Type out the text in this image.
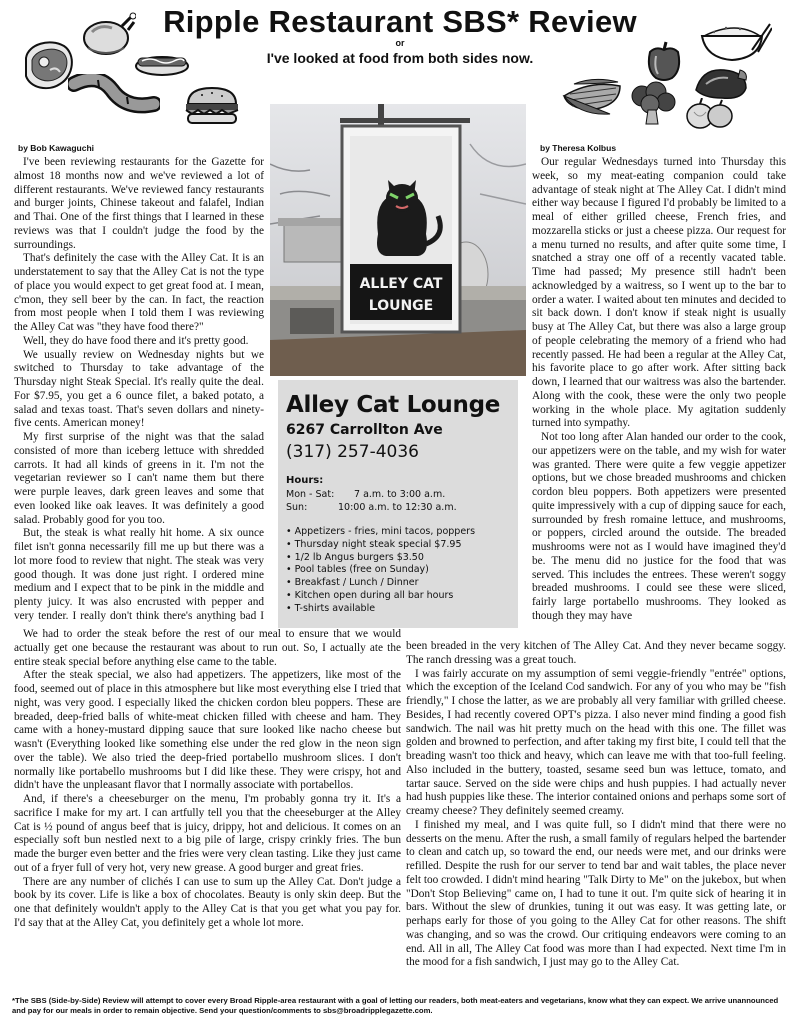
Ripple Restaurant SBS* Review
or
I've looked at food from both sides now.
by Bob Kawaguchi	by Theresa Kolbus

I've been reviewing restaurants for the Gazette for almost 18 months now and we've reviewed a lot of different restaurants. We've reviewed fancy restaurants and burger joints, Chinese takeout and falafel, Indian and Thai. One of the first things that I learned in these reviews was that I couldn't judge the food by the surroundings.

That's definitely the case with the Alley Cat. It is an understatement to say that the Alley Cat is not the type of place you would expect to get great food at. I mean, c'mon, they sell beer by the can. In fact, the reaction from most people when I told them I was reviewing the Alley Cat was "they have food there?"

Well, they do have food there and it's pretty good.

We usually review on Wednesday nights but we switched to Thursday to take advantage of the Thursday night Steak Special. It's really quite the deal. For $7.95, you get a 6 ounce filet, a baked potato, a salad and texas toast. That's seven dollars and ninety-five cents. American money!

My first surprise of the night was that the salad consisted of more than iceberg lettuce with shredded carrots. It had all kinds of greens in it. I'm not the vegetarian reviewer so I can't name them but there were purple leaves, dark green leaves and some that even looked like oak leaves. It was definitely a good salad. Probably good for you too.

But, the steak is what really hit home. A six ounce filet isn't gonna necessarily fill me up but there was a lot more food to review that night. The steak was very good though. It was done just right. I ordered mine medium and I expect that to be pink in the middle and plenty juicy. It was also encrusted with pepper and very tender. I really don't think there's anything bad I

We had to order the steak before the rest of our meal to ensure that we would actually get one because the restaurant was about to run out. So, I actually ate the entire steak special before anything else came to the table.

After the steak special, we also had appetizers. The appetizers, like most of the food, seemed out of place in this atmosphere but like most everything else I tried that night, was very good. I especially liked the chicken cordon bleu poppers. These are breaded, deep-fried balls of white-meat chicken filled with cheese and ham. They came with a honey-mustard dipping sauce that sure looked like nacho cheese but wasn't (Everything looked like something else under the red glow in the neon sign over the table). We also tried the deep-fried portabello mushroom slices. I don't normally like portabello mushrooms but I did like these. They were crispy, hot and didn't have the unpleasant flavor that I normally associate with portabellos.

And, if there's a cheeseburger on the menu, I'm probably gonna try it. It's a sacrifice I make for my art. I can artfully tell you that the cheeseburger at the Alley Cat is ½ pound of angus beef that is juicy, drippy, hot and delicious. It comes on an especially soft bun nestled next to a big pile of large, crispy crinkly fries. The bun made the burger even better and the fries were very clean tasting. Like they just came out of a fryer full of very hot, very new grease. A good burger and great fries.

There are any number of clichés I can use to sum up the Alley Cat. Don't judge a book by its cover. Life is like a box of chocolates. Beauty is only skin deep. But the one that definitely wouldn't apply to the Alley Cat is that you get what you pay for. I'd say that at the Alley Cat, you definitely get a whole lot more.

Our regular Wednesdays turned into Thursday this week, so my meat-eating companion could take advantage of steak night at The Alley Cat. I didn't mind either way because I figured I'd probably be limited to a meal of either grilled cheese, French fries, and mozzarella sticks or just a cheese pizza. Our request for a menu turned no results, and after quite some time, I snatched a stray one off of a recently vacated table. Time had passed; My presence still hadn't been acknowledged by a waitress, so I went up to the bar to order a water. I waited about ten minutes and decided to sit back down. I don't know if steak night is usually busy at The Alley Cat, but there was also a large group of people celebrating the memory of a friend who had recently passed. He had been a regular at the Alley Cat, his favorite place to go after work. After sitting back down, I learned that our waitress was also the bartender. Along with the cook, these were the only two people working in the whole place. My agitation suddenly turned into sympathy.

Not too long after Alan handed our order to the cook, our appetizers were on the table, and my wish for water was granted. There were quite a few veggie appetizer options, but we chose breaded mushrooms and chicken cordon bleu poppers. Both appetizers were presented quite impressively with a cup of dipping sauce for each, surrounded by fresh romaine lettuce, and mushrooms, or poppers, circled around the outside. The breaded mushrooms were not as I would have imagined they'd be. The menu did no justice for the food that was served. This includes the entrees. These weren't soggy breaded mushrooms. I could see these were sliced, fairly large portabello mushrooms. They looked as though they may have

been breaded in the very kitchen of The Alley Cat. And they never became soggy. The ranch dressing was a great touch.

I was fairly accurate on my assumption of semi veggie-friendly "entrée" options, which the exception of the Iceland Cod sandwich. For any of you who may be "fish friendly," I chose the latter, as we are probably all very familiar with grilled cheese. Besides, I had recently covered OPT's pizza. I also never mind finding a good fish sandwich. The nail was hit pretty much on the head with this one. The fillet was golden and browned to perfection, and after taking my first bite, I could tell that the breading wasn't too thick and heavy, which can leave me with that too-full feeling. Also included in the buttery, toasted, sesame seed bun was lettuce, tomato, and tartar sauce. Served on the side were chips and hush puppies. I had actually never had hush puppies like these. The interior contained onions and perhaps some sort of creamy cheese? They definitely seemed creamy.

I finished my meal, and I was quite full, so I didn't mind that there were no desserts on the menu. After the rush, a small family of regulars helped the bartender to clean and catch up, so toward the end, our needs were met, and our drinks were refilled. Despite the rush for our server to tend bar and wait tables, the place never felt too crowded. I didn't mind hearing "Talk Dirty to Me" on the jukebox, but when "Don't Stop Believing" came on, I had to tune it out. I'm quite sick of hearing it in bars. Without the slew of drunkies, tuning it out was easy. It was getting late, or perhaps early for those of you going to the Alley Cat for other reasons. The shift was changing, and so was the crowd. Our critiquing endeavors were coming to an end. All in all, The Alley Cat food was more than I had expected. Next time I'm in the mood for a fish sandwich, I just may go to the Alley Cat.

ALLEY CAT
LOUNGE
Alley Cat Lounge
6267 Carrollton Ave
(317) 257-4036
Hours:
Mon - Sat: 7 a.m. to 3:00 a.m.
Sun:	10:00 a.m. to 12:30 a.m.
• Appetizers - fries, mini tacos, poppers
• Thursday night steak special $7.95
• 1/2 lb Angus burgers $3.50
• Pool tables (free on Sunday)
• Breakfast / Lunch / Dinner
• Kitchen open during all bar hours
• T-shirts available
*The SBS (Side-by-Side) Review will attempt to cover every Broad Ripple-area restaurant with a goal of letting our readers, both meat-eaters and vegetarians, know what they can expect. We arrive unannounced and pay for our meals in order to remain objective. Send your question/comments to sbs@broadripplegazette.com.
